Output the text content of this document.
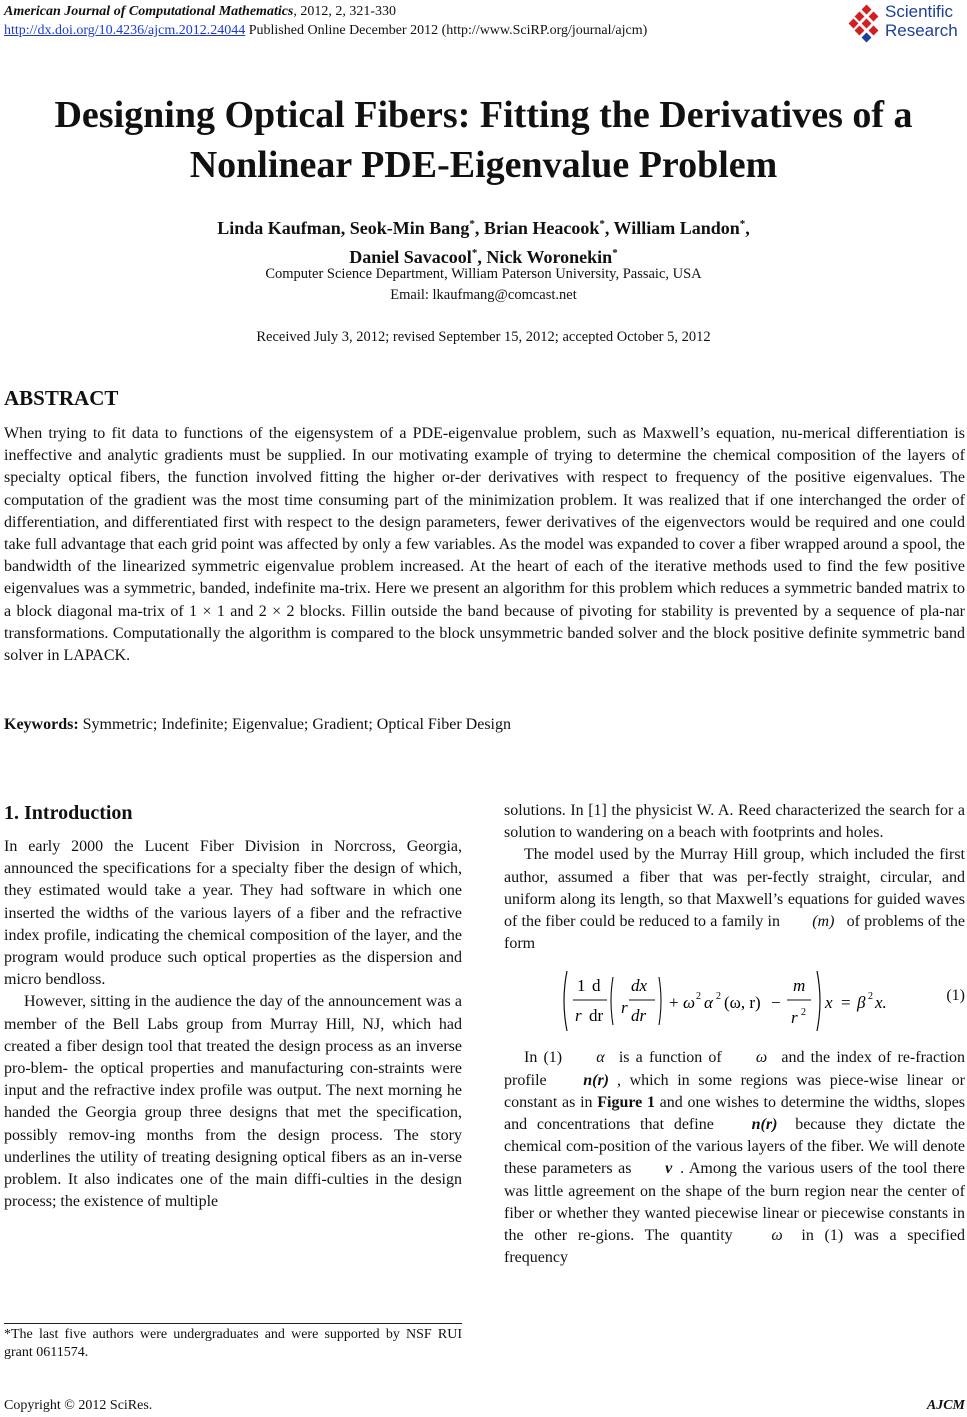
American Journal of Computational Mathematics, 2012, 2, 321-330
http://dx.doi.org/10.4236/ajcm.2012.24044 Published Online December 2012 (http://www.SciRP.org/journal/ajcm)
Scientific
Research
Designing Optical Fibers: Fitting the Derivatives of a
Nonlinear PDE-Eigenvalue Problem
Linda Kaufman, Seok-Min Bang*, Brian Heacook*, William Landon*,
Daniel Savacool*, Nick Woronekin*
Computer Science Department, William Paterson University, Passaic, USA
Email: lkaufmang@comcast.net
Received July 3, 2012; revised September 15, 2012; accepted October 5, 2012
ABSTRACT

When trying to fit data to functions of the eigensystem of a PDE-eigenvalue problem, such as Maxwell’s equation, nu-merical differentiation is ineffective and analytic gradients must be supplied. In our motivating example of trying to determine the chemical composition of the layers of specialty optical fibers, the function involved fitting the higher or-der derivatives with respect to frequency of the positive eigenvalues. The computation of the gradient was the most time consuming part of the minimization problem. It was realized that if one interchanged the order of differentiation, and differentiated first with respect to the design parameters, fewer derivatives of the eigenvectors would be required and one could take full advantage that each grid point was affected by only a few variables. As the model was expanded to cover a fiber wrapped around a spool, the bandwidth of the linearized symmetric eigenvalue problem increased. At the heart of each of the iterative methods used to find the few positive eigenvalues was a symmetric, banded, indefinite ma-trix. Here we present an algorithm for this problem which reduces a symmetric banded matrix to a block diagonal ma-trix of 1 × 1 and 2 × 2 blocks. Fillin outside the band because of pivoting for stability is prevented by a sequence of pla-nar transformations. Computationally the algorithm is compared to the block unsymmetric banded solver and the block positive definite symmetric band solver in LAPACK.

Keywords: Symmetric; Indefinite; Eigenvalue; Gradient; Optical Fiber Design

1. Introduction

In early 2000 the Lucent Fiber Division in Norcross, Georgia, announced the specifications for a specialty fiber the design of which, they estimated would take a year. They had software in which one inserted the widths of the various layers of a fiber and the refractive index profile, indicating the chemical composition of the layer, and the program would produce such optical properties as the dispersion and micro bendloss.

However, sitting in the audience the day of the announcement was a member of the Bell Labs group from Murray Hill, NJ, which had created a fiber design tool that treated the design process as an inverse pro-blem- the optical properties and manufacturing con-straints were input and the refractive index profile was output. The next morning he handed the Georgia group three designs that met the specification, possibly remov-ing months from the design process. The story underlines the utility of treating designing optical fibers as an in-verse problem. It also indicates one of the main diffi-culties in the design process; the existence of multiple

solutions. In [1] the physicist W. A. Reed characterized the search for a solution to wandering on a beach with footprints and holes.

The model used by the Murray Hill group, which included the first author, assumed a fiber that was per-fectly straight, circular, and uniform along its length, so that Maxwell’s equations for guided waves of the fiber could be reduced to a family in (m) of problems of the form

1 d
r dr r
dx
dr
+ ω 2 α 2 (ω, r) −
m
r 2
x = β 2 x.	(1)

In (1) α is a function of ω and the index of re-fraction profile n(r) , which in some regions was piece-wise linear or constant as in Figure 1 and one wishes to determine the widths, slopes and concentrations that define n(r) because they dictate the chemical com-position of the various layers of the fiber. We will denote these parameters as v . Among the various users of the tool there was little agreement on the shape of the burn region near the center of fiber or whether they wanted piecewise linear or piecewise constants in the other re-gions. The quantity ω in (1) was a specified frequency

*The last five authors were undergraduates and were supported by NSF RUI grant 0611574.
Copyright © 2012 SciRes.	AJCM
